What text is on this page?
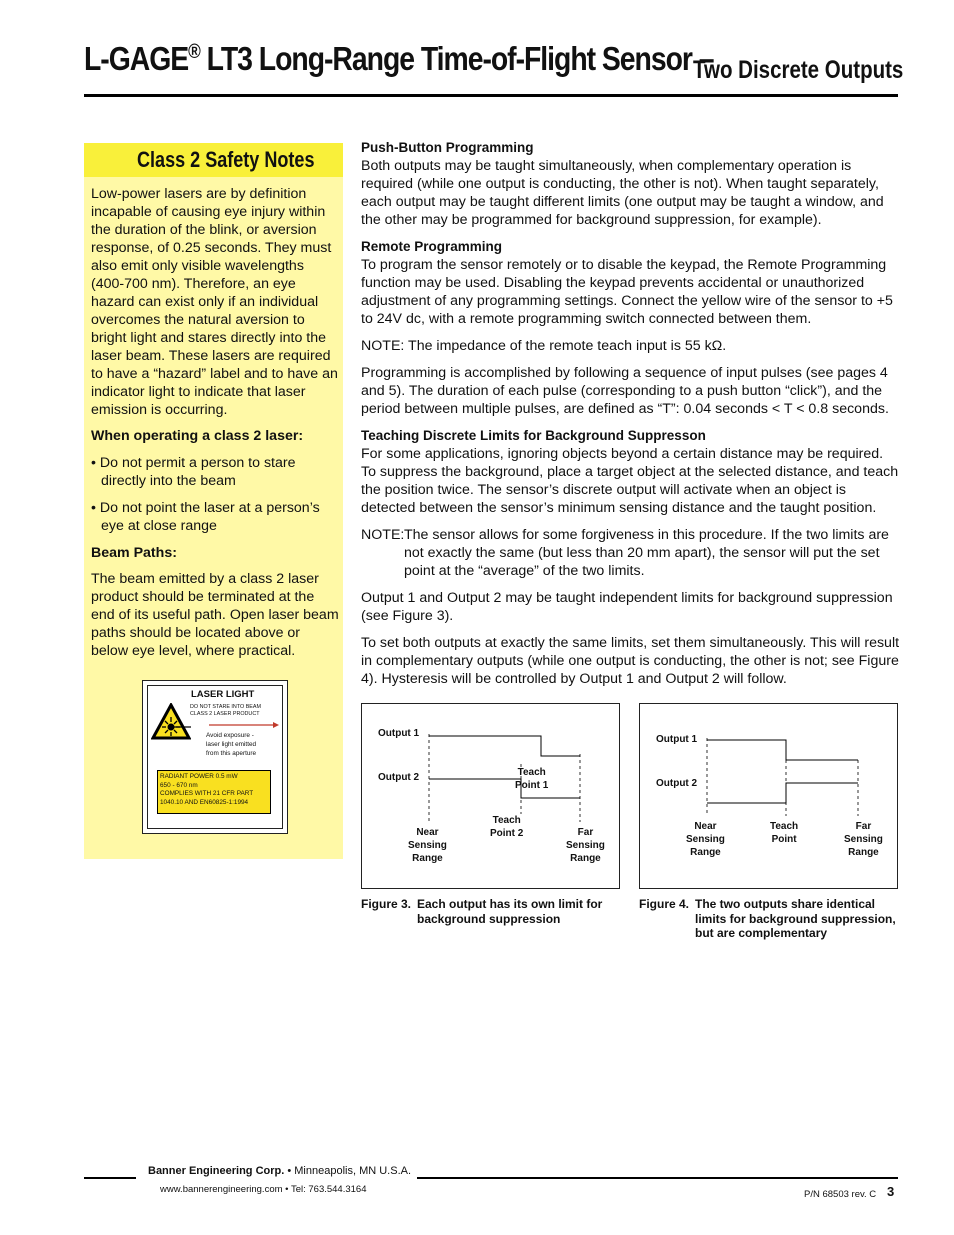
L-GAGE® LT3 Long-Range Time-of-Flight Sensor –
Two Discrete Outputs
Class 2 Safety Notes

Low-power lasers are by definition incapable of causing eye injury within the duration of the blink, or aversion response, of 0.25 seconds. They must also emit only visible wavelengths (400-700 nm). Therefore, an eye hazard can exist only if an individual overcomes the natural aversion to bright light and stares directly into the laser beam. These lasers are required to have a “hazard” label and to have an indicator light to indicate that laser emission is occurring.

When operating a class 2 laser:

• Do not permit a person to stare directly into the beam

• Do not point the laser at a person’s eye at close range

Beam Paths:
The beam emitted by a class 2 laser product should be terminated at the end of its useful path. Open laser beam paths should be located above or below eye level, where practical.
LASER LIGHT
DO NOT STARE INTO BEAM
CLASS 2 LASER PRODUCT
Avoid exposure -
laser light emitted
from this aperture
RADIANT POWER 0.5 mW
650 - 670 nm
COMPLIES WITH 21 CFR PART
1040.10 AND EN60825-1:1994
Push-Button Programming
Both outputs may be taught simultaneously, when complementary operation is required (while one output is conducting, the other is not). When taught separately, each output may be taught different limits (one output may be taught a window, and the other may be programmed for background suppression, for example).
Remote Programming
To program the sensor remotely or to disable the keypad, the Remote Programming function may be used. Disabling the keypad prevents accidental or unauthorized adjustment of any programming settings. Connect the yellow wire of the sensor to +5 to 24V dc, with a remote programming switch connected between them.
NOTE: The impedance of the remote teach input is 55 kΩ.
Programming is accomplished by following a sequence of input pulses (see pages 4 and 5). The duration of each pulse (corresponding to a push button “click”), and the period between multiple pulses, are defined as “T”: 0.04 seconds < T < 0.8 seconds.
Teaching Discrete Limits for Background Suppresson
For some applications, ignoring objects beyond a certain distance may be required. To suppress the background, place a target object at the selected distance, and teach the position twice. The sensor’s discrete output will activate when an object is detected between the sensor’s minimum sensing distance and the taught position.
NOTE: The sensor allows for some forgiveness in this procedure. If the two limits are not exactly the same (but less than 20 mm apart), the sensor will put the set point at the “average” of the two limits.

Output 1 and Output 2 may be taught independent limits for background suppression (see Figure 3).
To set both outputs at exactly the same limits, set them simultaneously. This will result in complementary outputs (while one output is conducting, the other is not; see Figure 4). Hysteresis will be controlled by Output 1 and Output 2 will follow.
Output 1
Output 2	Teach
Point 1
Teach
Point 2
Near
Sensing
Range
Far
Sensing
Range
Figure 3. Each output has its own limit for background suppression
Output 1
Output 2
Teach
Point
Near
Sensing
Range
Far
Sensing
Range
Figure 4. The two outputs share identical limits for background suppression, but are complementary
Banner Engineering Corp. • Minneapolis, MN U.S.A.
www.bannerengineering.com • Tel: 763.544.3164	P/N 68503 rev. C 3
